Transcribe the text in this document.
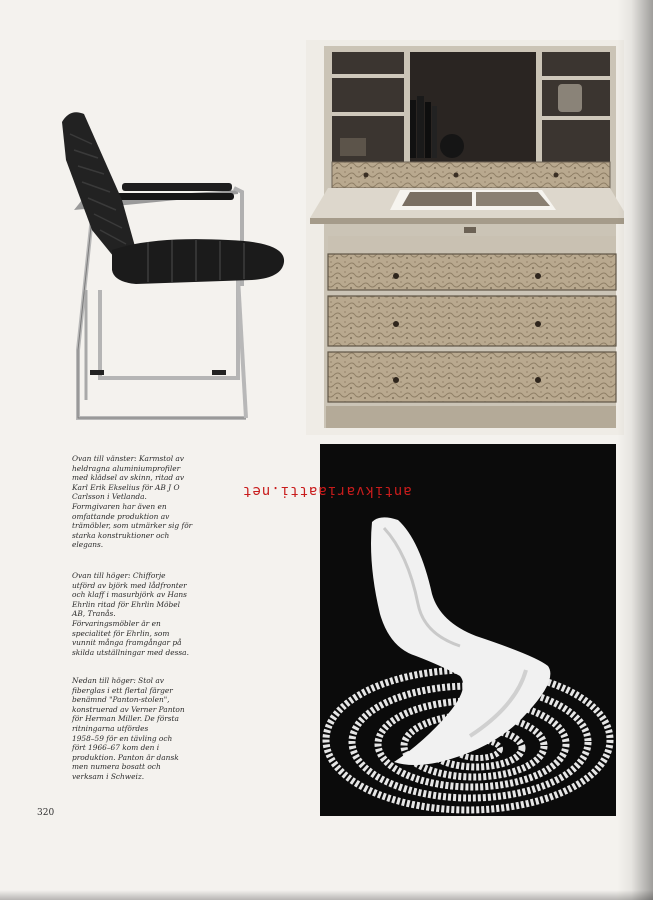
Ovan till vänster: Karmstol av
heldragna aluminiumprofiler
med klädsel av skinn, ritad av
Karl Erik Ekselius för AB J O
Carlsson i Vetlanda.
Formgivaren har även en
omfattande produktion av
trämöbler, som utmärker sig för
starka konstruktioner och
elegans.
Ovan till höger: Chifforje
utförd av björk med lådfronter
och klaff i masurbjörk av Hans
Ehrlin ritad för Ehrlin Möbel
AB, Tranås.
Förvaringsmöbler är en
specialitet för Ehrlin, som
vunnit många framgångar på
skilda utställningar med dessa.
Nedan till höger: Stol av
fiberglas i ett flertal färger
benämnd "Panton-stolen",
konstruerad av Verner Panton
för Herman Miller. De första
ritningarna utfördes
1958–59 för en tävling och
fört 1966–67 kom den i
produktion. Panton är dansk
men numera bosatt och
verksam i Schweiz.
320
antikvariaatti.net
